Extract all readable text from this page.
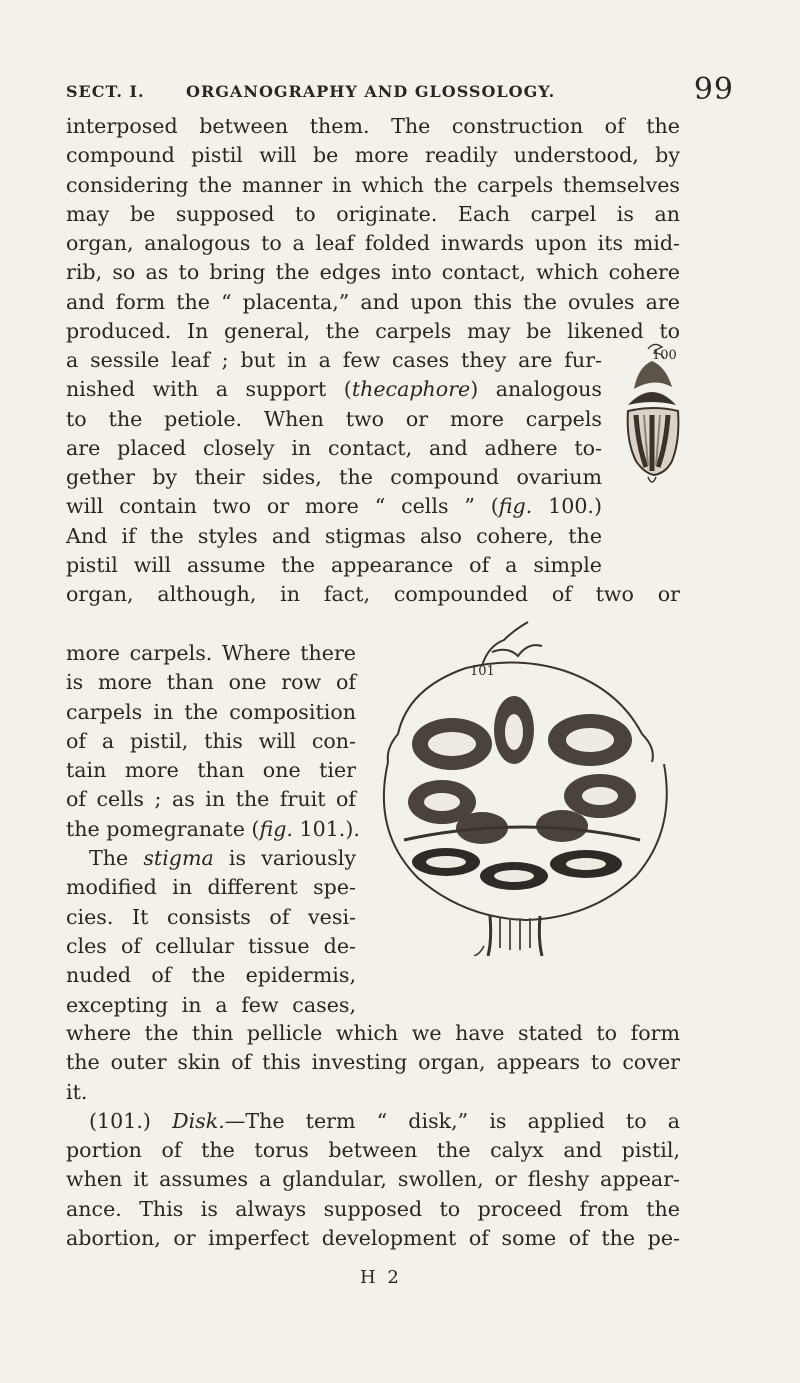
SECT. I.	ORGANOGRAPHY AND GLOSSOLOGY.	99
interposed between them. The construction of the
compound pistil will be more readily understood, by
considering the manner in which the carpels themselves
may be supposed to originate. Each carpel is an
organ, analogous to a leaf folded inwards upon its mid-
rib, so as to bring the edges into contact, which cohere
and form the “ placenta,” and upon this the ovules are
produced. In general, the carpels may be likened to
100
a sessile leaf ; but in a few cases they are fur-
nished with a support (thecaphore) analogous
to the petiole. When two or more carpels
are placed closely in contact, and adhere to-
gether by their sides, the compound ovarium
will contain two or more “ cells ” (fig. 100.)
And if the styles and stigmas also cohere, the
pistil will assume the appearance of a simple
organ, although, in fact, compounded of two or
101
more carpels. Where there
is more than one row of
carpels in the composition
of a pistil, this will con-
tain more than one tier
of cells ; as in the fruit of
the pomegranate (fig. 101.).
The stigma is variously
modified in different spe-
cies. It consists of vesi-
cles of cellular tissue de-
nuded of the epidermis,
excepting in a few cases,
where the thin pellicle which we have stated to form
the outer skin of this investing organ, appears to cover
it.
(101.) Disk.—The term “ disk,” is applied to a
portion of the torus between the calyx and pistil,
when it assumes a glandular, swollen, or fleshy appear-
ance. This is always supposed to proceed from the
abortion, or imperfect development of some of the pe-
H 2
